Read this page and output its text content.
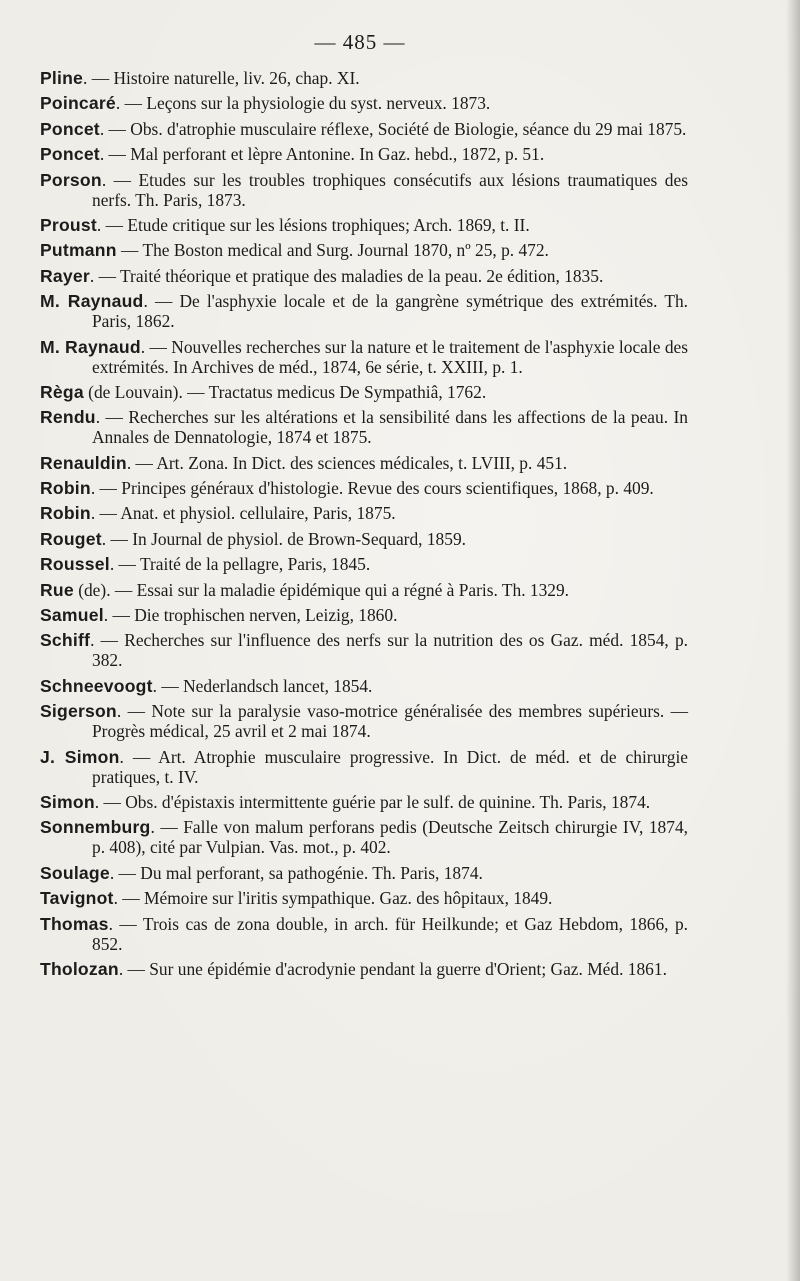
— 485 —

Pline. — Histoire naturelle, liv. 26, chap. XI.

Poincaré. — Leçons sur la physiologie du syst. nerveux. 1873.

Poncet. — Obs. d'atrophie musculaire réflexe, Société de Biologie, séance du 29 mai 1875.

Poncet. — Mal perforant et lèpre Antonine. In Gaz. hebd., 1872, p. 51.

Porson. — Etudes sur les troubles trophiques consécutifs aux lésions traumatiques des nerfs. Th. Paris, 1873.

Proust. — Etude critique sur les lésions trophiques; Arch. 1869, t. II.

Putmann — The Boston medical and Surg. Journal 1870, nº 25, p. 472.

Rayer. — Traité théorique et pratique des maladies de la peau. 2e édition, 1835.

M. Raynaud. — De l'asphyxie locale et de la gangrène symétrique des extrémités. Th. Paris, 1862.

M. Raynaud. — Nouvelles recherches sur la nature et le traitement de l'asphyxie locale des extrémités. In Archives de méd., 1874, 6e série, t. XXIII, p. 1.

Règa (de Louvain). — Tractatus medicus De Sympathiâ, 1762.

Rendu. — Recherches sur les altérations et la sensibilité dans les affections de la peau. In Annales de Dennatologie, 1874 et 1875.

Renauldin. — Art. Zona. In Dict. des sciences médicales, t. LVIII, p. 451.

Robin. — Principes généraux d'histologie. Revue des cours scientifiques, 1868, p. 409.

Robin. — Anat. et physiol. cellulaire, Paris, 1875.

Rouget. — In Journal de physiol. de Brown-Sequard, 1859.

Roussel. — Traité de la pellagre, Paris, 1845.

Rue (de). — Essai sur la maladie épidémique qui a régné à Paris. Th. 1329.

Samuel. — Die trophischen nerven, Leizig, 1860.

Schiff. — Recherches sur l'influence des nerfs sur la nutrition des os Gaz. méd. 1854, p. 382.

Schneevoogt. — Nederlandsch lancet, 1854.

Sigerson. — Note sur la paralysie vaso-motrice généralisée des membres supérieurs. — Progrès médical, 25 avril et 2 mai 1874.

J. Simon. — Art. Atrophie musculaire progressive. In Dict. de méd. et de chirurgie pratiques, t. IV.

Simon. — Obs. d'épistaxis intermittente guérie par le sulf. de quinine. Th. Paris, 1874.

Sonnemburg. — Falle von malum perforans pedis (Deutsche Zeitsch chirurgie IV, 1874, p. 408), cité par Vulpian. Vas. mot., p. 402.

Soulage. — Du mal perforant, sa pathogénie. Th. Paris, 1874.

Tavignot. — Mémoire sur l'iritis sympathique. Gaz. des hôpitaux, 1849.

Thomas. — Trois cas de zona double, in arch. für Heilkunde; et Gaz Hebdom, 1866, p. 852.

Tholozan. — Sur une épidémie d'acrodynie pendant la guerre d'Orient; Gaz. Méd. 1861.
